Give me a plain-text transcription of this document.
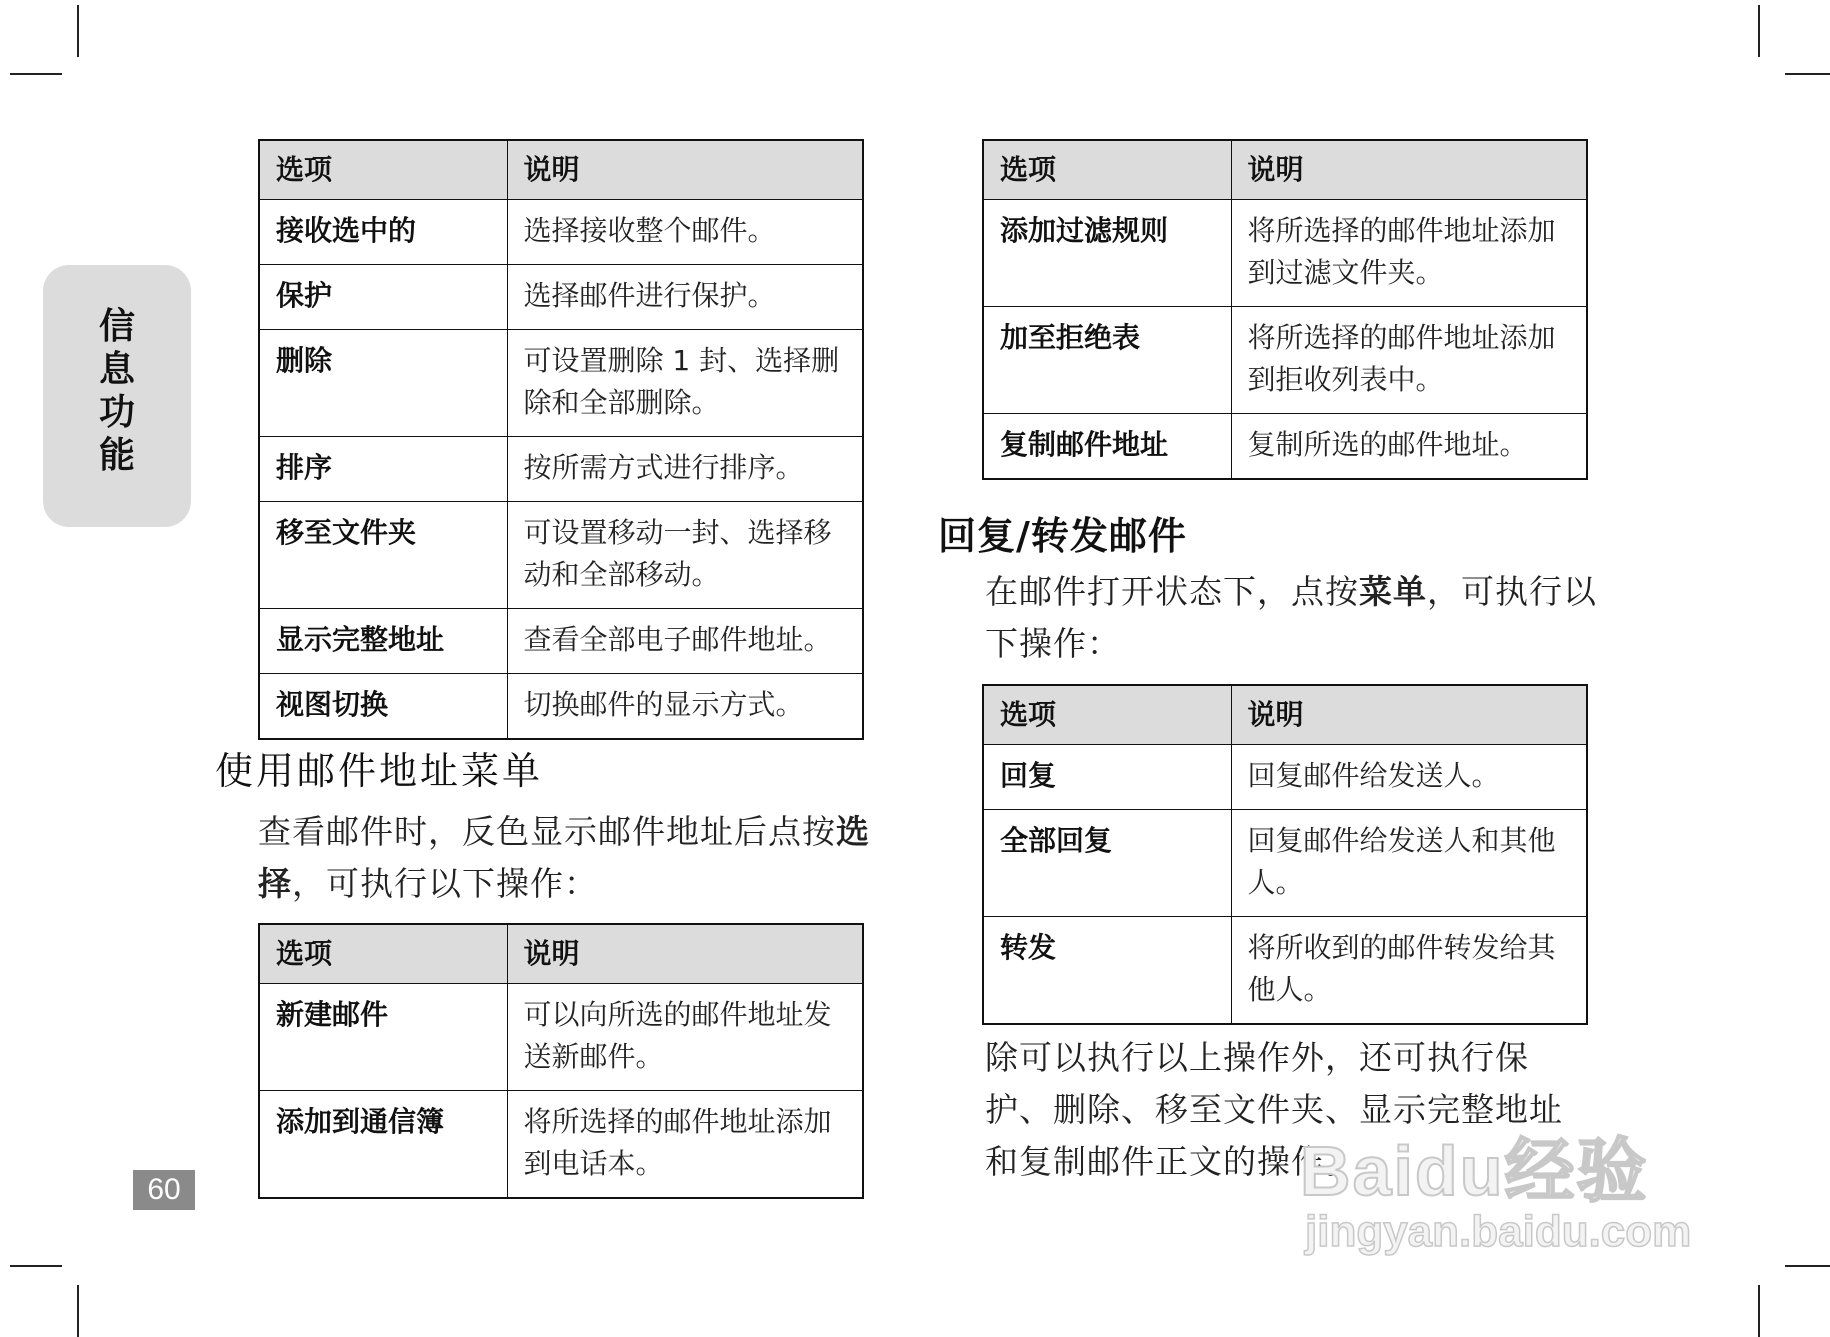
信
息
功
能
60
选项	说明
接收选中的	选择接收整个邮件。
保护	选择邮件进行保护。
删除	可设置删除 1 封、选择删除和全部删除。
排序	按所需方式进行排序。
移至文件夹	可设置移动一封、选择移动和全部移动。
显示完整地址	查看全部电子邮件地址。
视图切换	切换邮件的显示方式。
使用邮件地址菜单
查看邮件时，反色显示邮件地址后点按选择，可执行以下操作：
选项	说明
新建邮件	可以向所选的邮件地址发送新邮件。
添加到通信簿	将所选择的邮件地址添加到电话本。
选项	说明
添加过滤规则	将所选择的邮件地址添加到过滤文件夹。
加至拒绝表	将所选择的邮件地址添加到拒收列表中。
复制邮件地址	复制所选的邮件地址。
回复/转发邮件
在邮件打开状态下，点按菜单，可执行以下操作：
选项	说明
回复	回复邮件给发送人。
全部回复	回复邮件给发送人和其他人。
转发	将所收到的邮件转发给其他人。
除可以执行以上操作外，还可执行保护、删除、移至文件夹、显示完整地址和复制邮件正文的操作。
Baidu经验
jingyan.baidu.com
